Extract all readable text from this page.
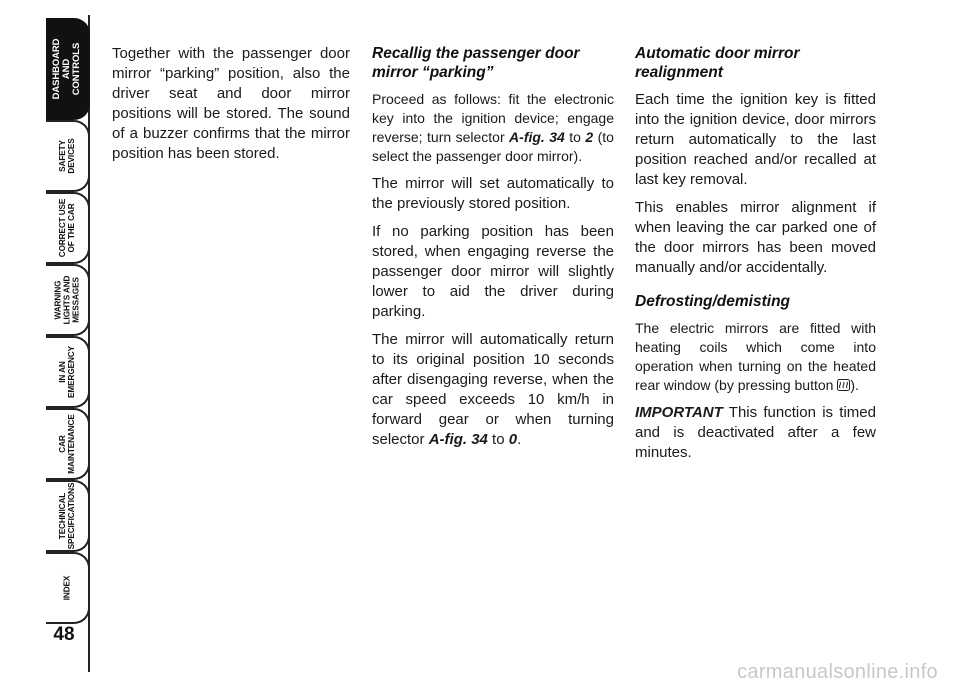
DASHBOARD
AND
CONTROLS
SAFETY
DEVICES
CORRECT USE
OF THE CAR
WARNING
LIGHTS AND
MESSAGES
IN AN
EMERGENCY
CAR
MAINTENANCE
TECHNICAL
SPECIFICATIONS
INDEX
48

Together with the passenger door mirror “parking” position, also the driver seat and door mirror positions will be stored. The sound of a buzzer confirms that the mirror position has been stored.

Recallig the passenger door mirror “parking”

Proceed as follows: fit the electronic key into the ignition device; engage reverse; turn selector A-fig. 34 to 2 (to select the passenger door mirror).

The mirror will set automatically to the previously stored position.

If no parking position has been stored, when engaging reverse the passenger door mirror will slightly lower to aid the driver during parking.

The mirror will automatically return to its original position 10 seconds after disengaging reverse, when the car speed exceeds 10 km/h in forward gear or when turning selector A-fig. 34 to 0.

Automatic door mirror realignment

Each time the ignition key is fitted into the ignition device, door mirrors return automatically to the last position reached and/or recalled at last key removal.

This enables mirror alignment if when leaving the car parked one of the door mirrors has been moved manually and/or accidentally.

Defrosting/demisting

The electric mirrors are fitted with heating coils which come into operation when turning on the heated rear window (by pressing button ).

IMPORTANT This function is timed and is deactivated after a few minutes.

carmanualsonline.info
